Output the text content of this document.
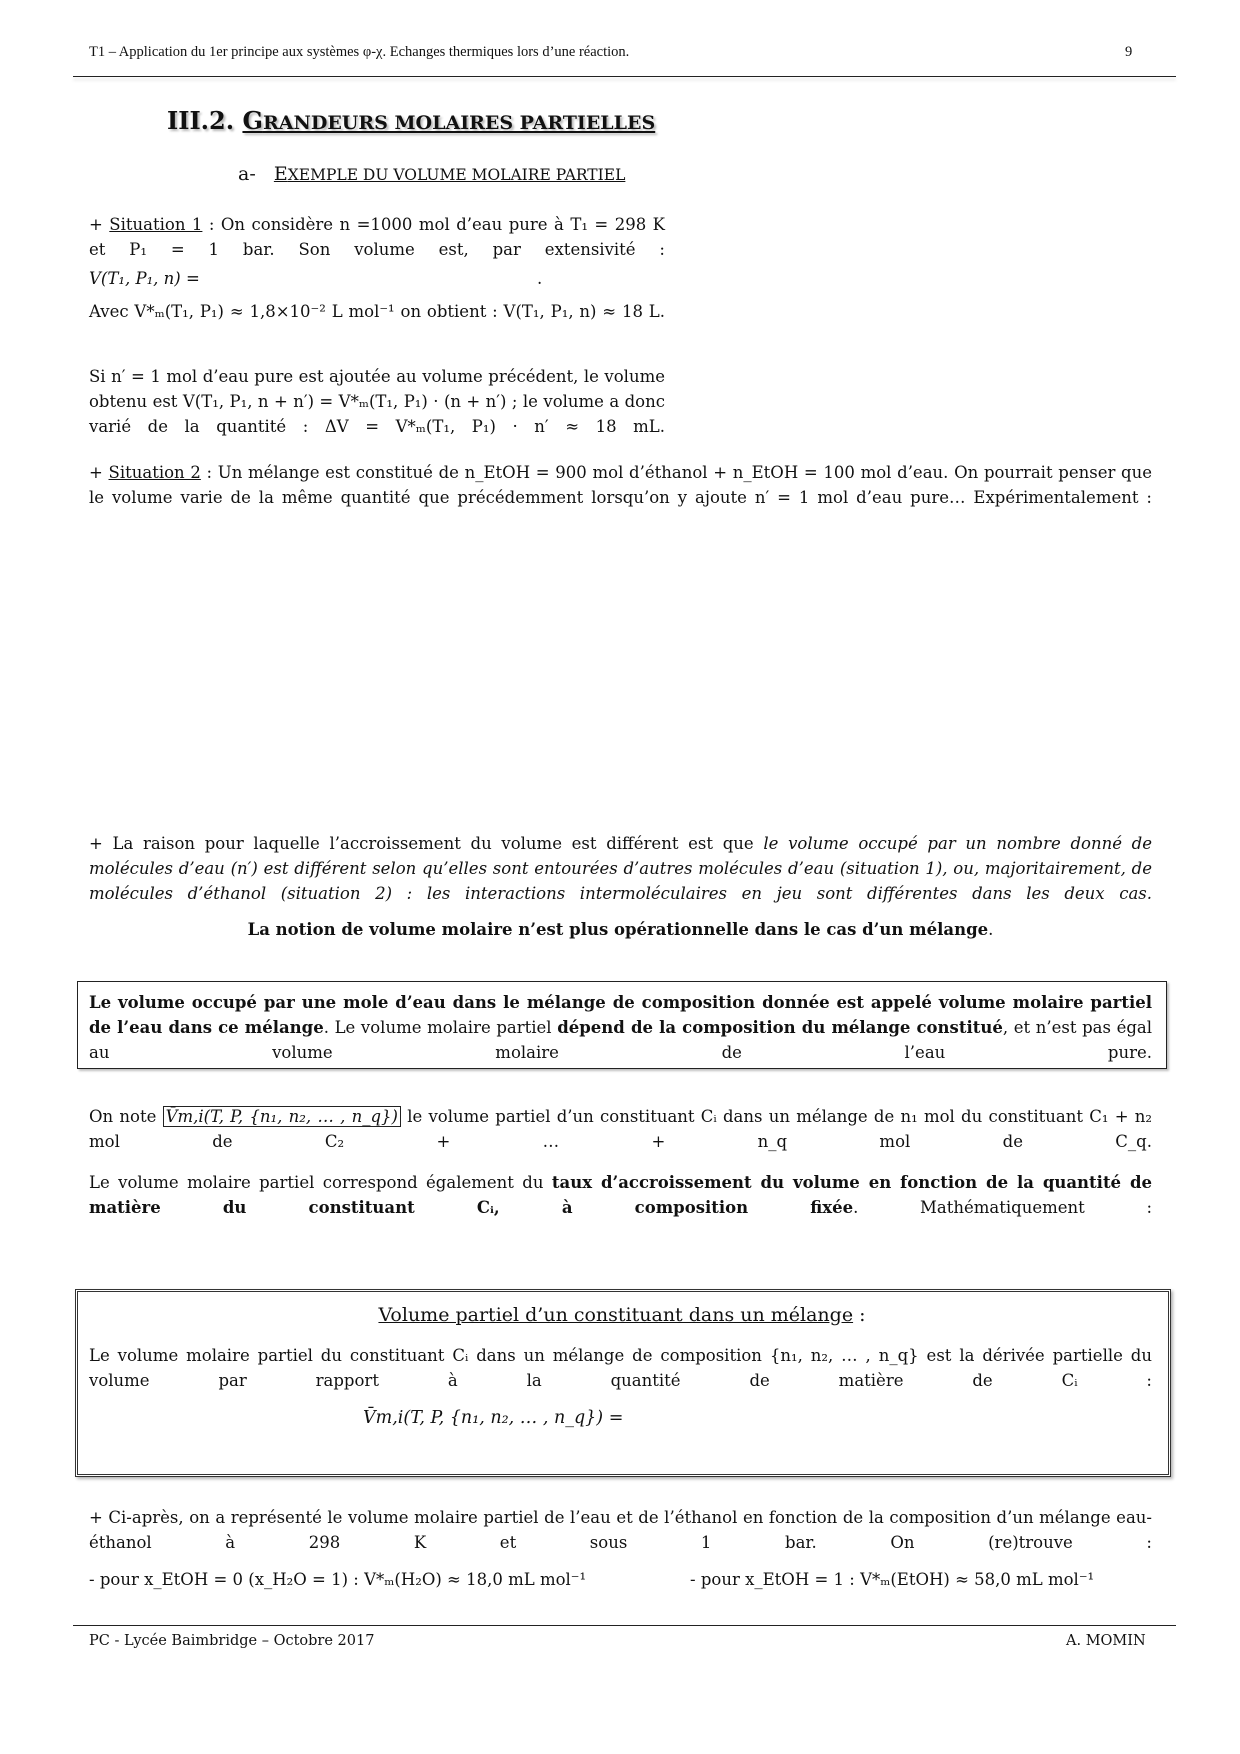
T1 – Application du 1er principe aux systèmes φ-χ. Echanges thermiques lors d’une réaction.	9
III.2. GRANDEURS MOLAIRES PARTIELLES
a- EXEMPLE DU VOLUME MOLAIRE PARTIEL
+ Situation 1 : On considère n =1000 mol d’eau pure à T₁ = 298 K et P₁ = 1 bar. Son volume est, par extensivité :
V(T₁, P₁, n) =	.
Avec V*ₘ(T₁, P₁) ≈ 1,8×10⁻² L mol⁻¹ on obtient : V(T₁, P₁, n) ≈ 18 L.
Si n′ = 1 mol d’eau pure est ajoutée au volume précédent, le volume obtenu est V(T₁, P₁, n + n′) = V*ₘ(T₁, P₁) · (n + n′) ; le volume a donc varié de la quantité : ΔV = V*ₘ(T₁, P₁) · n′ ≈ 18 mL.
+ Situation 2 : Un mélange est constitué de n_EtOH = 900 mol d’éthanol + n_EtOH = 100 mol d’eau. On pourrait penser que le volume varie de la même quantité que précédemment lorsqu’on y ajoute n′ = 1 mol d’eau pure… Expérimentalement :
+ La raison pour laquelle l’accroissement du volume est différent est que le volume occupé par un nombre donné de molécules d’eau (n′) est différent selon qu’elles sont entourées d’autres molécules d’eau (situation 1), ou, majoritairement, de molécules d’éthanol (situation 2) : les interactions intermoléculaires en jeu sont différentes dans les deux cas.
La notion de volume molaire n’est plus opérationnelle dans le cas d’un mélange.
Le volume occupé par une mole d’eau dans le mélange de composition donnée est appelé volume molaire partiel de l’eau dans ce mélange. Le volume molaire partiel dépend de la composition du mélange constitué, et n’est pas égal au volume molaire de l’eau pure.
On note V̄m,i(T, P, {n₁, n₂, … , n_q}) le volume partiel d’un constituant Cᵢ dans un mélange de n₁ mol du constituant C₁ + n₂ mol de C₂ + … + n_q mol de C_q.
Le volume molaire partiel correspond également du taux d’accroissement du volume en fonction de la quantité de matière du constituant Cᵢ, à composition fixée. Mathématiquement :
Volume partiel d’un constituant dans un mélange :
Le volume molaire partiel du constituant Cᵢ dans un mélange de composition {n₁, n₂, … , n_q} est la dérivée partielle du volume par rapport à la quantité de matière de Cᵢ :
V̄m,i(T, P, {n₁, n₂, … , n_q}) =
+ Ci-après, on a représenté le volume molaire partiel de l’eau et de l’éthanol en fonction de la composition d’un mélange eau-éthanol à 298 K et sous 1 bar. On (re)trouve :
- pour x_EtOH = 0 (x_H₂O = 1) : V*ₘ(H₂O) ≈ 18,0 mL mol⁻¹	- pour x_EtOH = 1 : V*ₘ(EtOH) ≈ 58,0 mL mol⁻¹
PC - Lycée Baimbridge – Octobre 2017	A. MOMIN
